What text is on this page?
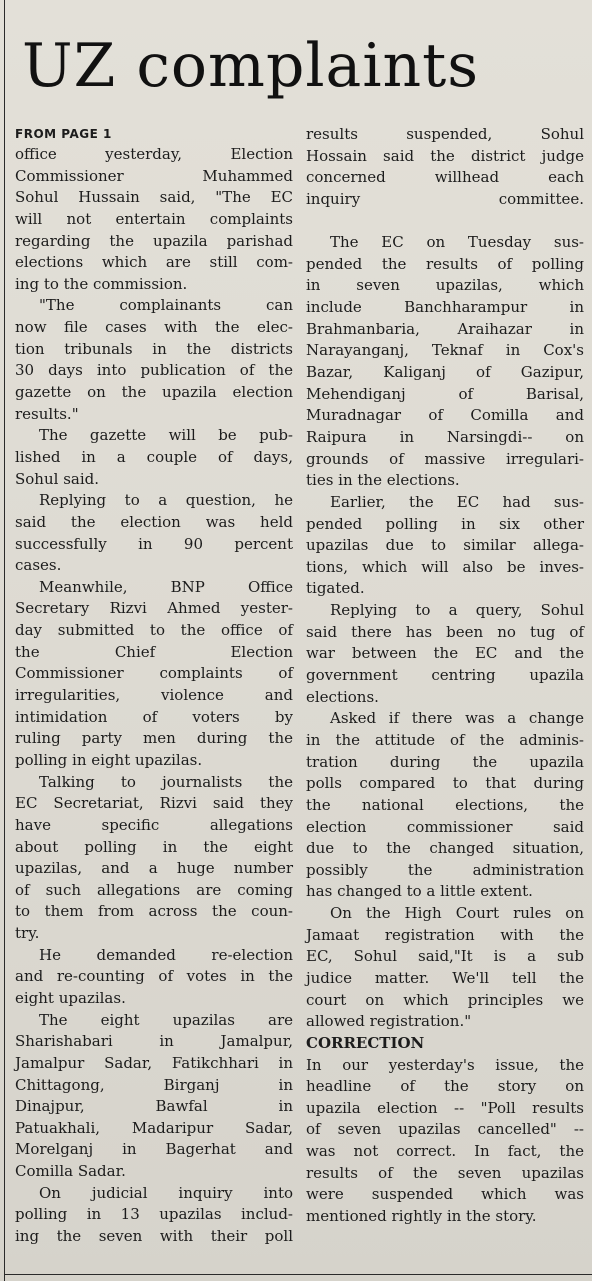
UZ complaints
FROM PAGE 1
office yesterday, Election
Commissioner Muhammed
Sohul Hussain said, "The EC
will not entertain complaints
regarding the upazila parishad
elections which are still com-
ing to the commission.
"The complainants can
now file cases with the elec-
tion tribunals in the districts
30 days into publication of the
gazette on the upazila election
results."
The gazette will be pub-
lished in a couple of days,
Sohul said.
Replying to a question, he
said the election was held
successfully in 90 percent
cases.
Meanwhile, BNP Office
Secretary Rizvi Ahmed yester-
day submitted to the office of
the Chief Election
Commissioner complaints of
irregularities, violence and
intimidation of voters by
ruling party men during the
polling in eight upazilas.
Talking to journalists the
EC Secretariat, Rizvi said they
have specific allegations
about polling in the eight
upazilas, and a huge number
of such allegations are coming
to them from across the coun-
try.
He demanded re-election
and re-counting of votes in the
eight upazilas.
The eight upazilas are
Sharishabari in Jamalpur,
Jamalpur Sadar, Fatikchhari in
Chittagong, Birganj in
Dinajpur, Bawfal in
Patuakhali, Madaripur Sadar,
Morelganj in Bagerhat and
Comilla Sadar.
On judicial inquiry into
polling in 13 upazilas includ-
ing the seven with their poll
results suspended, Sohul
Hossain said the district judge
concerned willhead each
inquiry committee.
The EC on Tuesday sus-
pended the results of polling
in seven upazilas, which
include Banchharampur in
Brahmanbaria, Araihazar in
Narayanganj, Teknaf in Cox's
Bazar, Kaliganj of Gazipur,
Mehendiganj of Barisal,
Muradnagar of Comilla and
Raipura in Narsingdi-- on
grounds of massive irregulari-
ties in the elections.
Earlier, the EC had sus-
pended polling in six other
upazilas due to similar allega-
tions, which will also be inves-
tigated.
Replying to a query, Sohul
said there has been no tug of
war between the EC and the
government centring upazila
elections.
Asked if there was a change
in the attitude of the adminis-
tration during the upazila
polls compared to that during
the national elections, the
election commissioner said
due to the changed situation,
possibly the administration
has changed to a little extent.
On the High Court rules on
Jamaat registration with the
EC, Sohul said,"It is a sub
judice matter. We'll tell the
court on which principles we
allowed registration."
CORRECTION
In our yesterday's issue, the
headline of the story on
upazila election -- "Poll results
of seven upazilas cancelled" --
was not correct. In fact, the
results of the seven upazilas
were suspended which was
mentioned rightly in the story.
